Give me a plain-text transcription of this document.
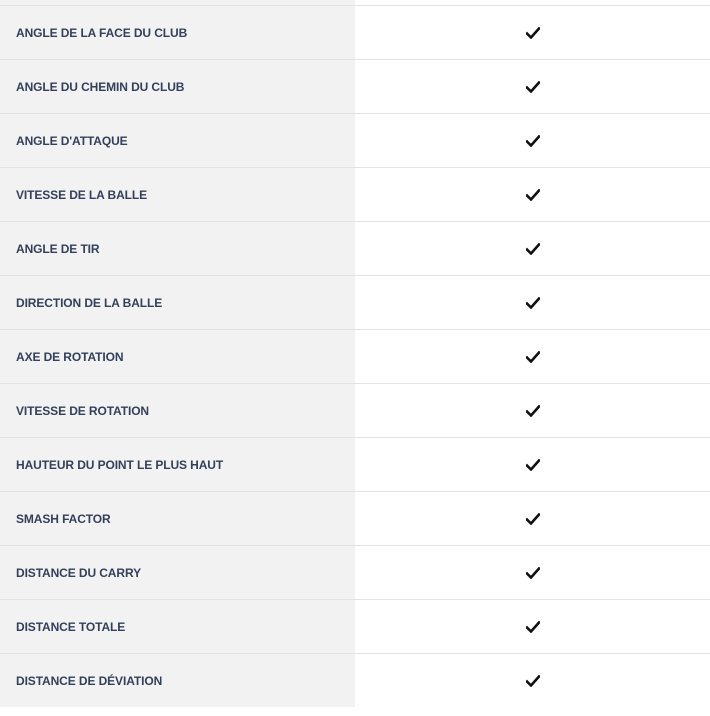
ANGLE DE LA FACE DU CLUB
ANGLE DU CHEMIN DU CLUB
ANGLE D'ATTAQUE
VITESSE DE LA BALLE
ANGLE DE TIR
DIRECTION DE LA BALLE
AXE DE ROTATION
VITESSE DE ROTATION
HAUTEUR DU POINT LE PLUS HAUT
SMASH FACTOR
DISTANCE DU CARRY
DISTANCE TOTALE
DISTANCE DE DÉVIATION
